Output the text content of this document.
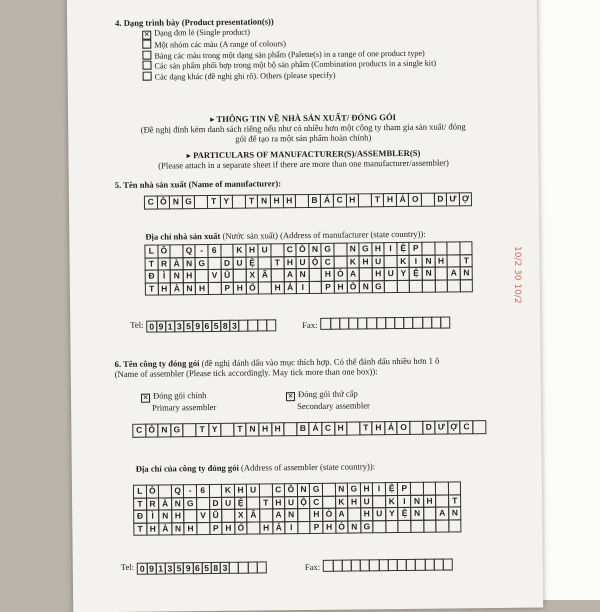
4. Dạng trình bày (Product presentation(s))
✕ Dạng đơn lẻ (Single product)
Một nhóm các màu (A range of colours)
Bảng các màu trong một dạng sản phẩm (Palette(s) in a range of one product type)
Các sản phẩm phối hợp trong một bộ sản phẩm (Combination products in a single kit)
Các dạng khác (đề nghị ghi rõ). Others (please specify)
▸ THÔNG TIN VỀ NHÀ SẢN XUẤT/ ĐÓNG GÓI
(Đề nghị đính kèm danh sách riêng nếu như có nhiều hơn một công ty tham gia sản xuất/ đóng
gói để tạo ra một sản phẩm hoàn chỉnh)
▸ PARTICULARS OF MANUFACTURER(S)/ASSEMBLER(S)
(Please attach in a separate sheet if there are more than one manufacturer/assembler)
5. Tên nhà sản xuất (Name of manufacturer):
C Ô N G	T Y	T N H H	B Á C H	T H Ả O	D Ư Ợ
Địa chỉ nhà sản xuất (Nước sản xuất) (Address of manufacturer (state country)):
L Ô	Q -	6	K H U	C Ô N G	N G H I	Ệ P
T R À N G	D U Ệ	T H U Ộ C	K H U	K I N H	T
Đ Ì N H	V Ũ	X Ã	A N	H Ò A	H U Y Ệ N	A N
T H À N H	P H Ố	H Ả I	P H Ò N G
Tel: 0 9 1 3 5 9 6 5 8 3	Fax:
6. Tên công ty đóng gói (đề nghị đánh dấu vào mục thích hợp. Có thể đánh dấu nhiều hơn 1 ô
(Name of assembler (Please tick accordingly. May tick more than one box)):
✕ Đóng gói chính
Primary assembler
✕ Đóng gói thứ cấp
Secondary assembler
C Ô N G	T Y	T N H H	B Á C H	T H Ả O	D Ư Ợ C
Địa chỉ của công ty đóng gói (Address of assembler (state country)):
L Ô	Q -	6	K H U	C Ô N G	N G H I	Ệ P
T R À N G	D U Ệ	T H U Ộ C	K H U	K I N H	T
Đ Ì N H	V Ũ	X Ã	A N	H Ò A	H U Y Ệ N	A N
T H À N H	P H Ố	H Ả I	P H Ò N G
Tel: 0 9 1 3 5 9 6 5 8 3	Fax:
10/2 30 10/2
